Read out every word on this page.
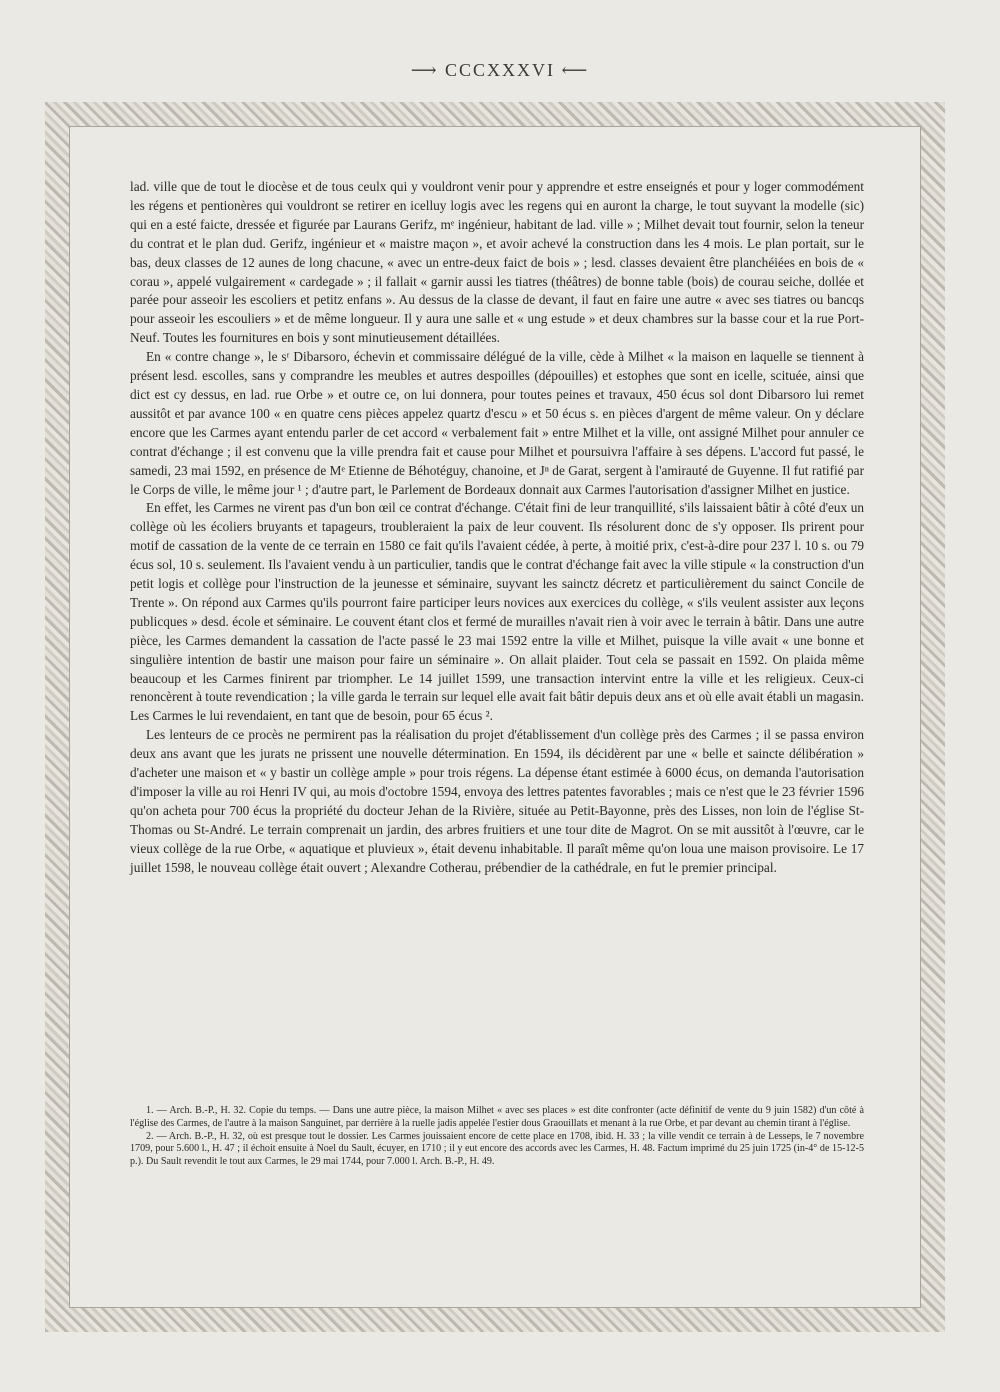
⟶ CCCXXXVI ⟵

lad. ville que de tout le diocèse et de tous ceulx qui y vouldront venir pour y apprendre et estre enseignés et pour y loger commodément les régens et pentionères qui vouldront se retirer en icelluy logis avec les regens qui en auront la charge, le tout suyvant la modelle (sic) qui en a esté faicte, dressée et figurée par Laurans Gerifz, mᵉ ingénieur, habitant de lad. ville » ; Milhet devait tout fournir, selon la teneur du contrat et le plan dud. Gerifz, ingénieur et « maistre maçon », et avoir achevé la construction dans les 4 mois. Le plan portait, sur le bas, deux classes de 12 aunes de long chacune, « avec un entre-deux faict de bois » ; lesd. classes devaient être planchéiées en bois de « corau », appelé vulgairement « cardegade » ; il fallait « garnir aussi les tiatres (théâtres) de bonne table (bois) de courau seiche, dollée et parée pour asseoir les escoliers et petitz enfans ». Au dessus de la classe de devant, il faut en faire une autre « avec ses tiatres ou bancqs pour asseoir les escouliers » et de même longueur. Il y aura une salle et « ung estude » et deux chambres sur la basse cour et la rue Port-Neuf. Toutes les fournitures en bois y sont minutieusement détaillées.

En « contre change », le sʳ Dibarsoro, échevin et commissaire délégué de la ville, cède à Milhet « la maison en laquelle se tiennent à présent lesd. escolles, sans y comprandre les meubles et autres despoilles (dépouilles) et estophes que sont en icelle, scituée, ainsi que dict est cy dessus, en lad. rue Orbe » et outre ce, on lui donnera, pour toutes peines et travaux, 450 écus sol dont Dibarsoro lui remet aussitôt et par avance 100 « en quatre cens pièces appelez quartz d'escu » et 50 écus s. en pièces d'argent de même valeur. On y déclare encore que les Carmes ayant entendu parler de cet accord « verbalement fait » entre Milhet et la ville, ont assigné Milhet pour annuler ce contrat d'échange ; il est convenu que la ville prendra fait et cause pour Milhet et poursuivra l'affaire à ses dépens. L'accord fut passé, le samedi, 23 mai 1592, en présence de Mᵉ Etienne de Béhotéguy, chanoine, et Jⁿ de Garat, sergent à l'amirauté de Guyenne. Il fut ratifié par le Corps de ville, le même jour ¹ ; d'autre part, le Parlement de Bordeaux donnait aux Carmes l'autorisation d'assigner Milhet en justice.

En effet, les Carmes ne virent pas d'un bon œil ce contrat d'échange. C'était fini de leur tranquillité, s'ils laissaient bâtir à côté d'eux un collège où les écoliers bruyants et tapageurs, troubleraient la paix de leur couvent. Ils résolurent donc de s'y opposer. Ils prirent pour motif de cassation de la vente de ce terrain en 1580 ce fait qu'ils l'avaient cédée, à perte, à moitié prix, c'est-à-dire pour 237 l. 10 s. ou 79 écus sol, 10 s. seulement. Ils l'avaient vendu à un particulier, tandis que le contrat d'échange fait avec la ville stipule « la construction d'un petit logis et collège pour l'instruction de la jeunesse et séminaire, suyvant les sainctz décretz et particulièrement du sainct Concile de Trente ». On répond aux Carmes qu'ils pourront faire participer leurs novices aux exercices du collège, « s'ils veulent assister aux leçons publicques » desd. école et séminaire. Le couvent étant clos et fermé de murailles n'avait rien à voir avec le terrain à bâtir. Dans une autre pièce, les Carmes demandent la cassation de l'acte passé le 23 mai 1592 entre la ville et Milhet, puisque la ville avait « une bonne et singulière intention de bastir une maison pour faire un séminaire ». On allait plaider. Tout cela se passait en 1592. On plaida même beaucoup et les Carmes finirent par triompher. Le 14 juillet 1599, une transaction intervint entre la ville et les religieux. Ceux-ci renoncèrent à toute revendication ; la ville garda le terrain sur lequel elle avait fait bâtir depuis deux ans et où elle avait établi un magasin. Les Carmes le lui revendaient, en tant que de besoin, pour 65 écus ².

Les lenteurs de ce procès ne permirent pas la réalisation du projet d'établissement d'un collège près des Carmes ; il se passa environ deux ans avant que les jurats ne prissent une nouvelle détermination. En 1594, ils décidèrent par une « belle et saincte délibération » d'acheter une maison et « y bastir un collège ample » pour trois régens. La dépense étant estimée à 6000 écus, on demanda l'autorisation d'imposer la ville au roi Henri IV qui, au mois d'octobre 1594, envoya des lettres patentes favorables ; mais ce n'est que le 23 février 1596 qu'on acheta pour 700 écus la propriété du docteur Jehan de la Rivière, située au Petit-Bayonne, près des Lisses, non loin de l'église St-Thomas ou St-André. Le terrain comprenait un jardin, des arbres fruitiers et une tour dite de Magrot. On se mit aussitôt à l'œuvre, car le vieux collège de la rue Orbe, « aquatique et pluvieux », était devenu inhabitable. Il paraît même qu'on loua une maison provisoire. Le 17 juillet 1598, le nouveau collège était ouvert ; Alexandre Cotherau, prébendier de la cathédrale, en fut le premier principal.

1. — Arch. B.-P., H. 32. Copie du temps. — Dans une autre pièce, la maison Milhet « avec ses places » est dite confronter (acte définitif de vente du 9 juin 1582) d'un côté à l'église des Carmes, de l'autre à la maison Sanguinet, par derrière à la ruelle jadis appelée l'estier dous Graouillats et menant à la rue Orbe, et par devant au chemin tirant à l'église.

2. — Arch. B.-P., H. 32, où est presque tout le dossier. Les Carmes jouissaient encore de cette place en 1708, ibid. H. 33 ; la ville vendit ce terrain à de Lesseps, le 7 novembre 1709, pour 5.600 l., H. 47 ; il échoit ensuite à Noel du Sault, écuyer, en 1710 ; il y eut encore des accords avec les Carmes, H. 48. Factum imprimé du 25 juin 1725 (in-4° de 15-12-5 p.). Du Sault revendit le tout aux Carmes, le 29 mai 1744, pour 7.000 l. Arch. B.-P., H. 49.
